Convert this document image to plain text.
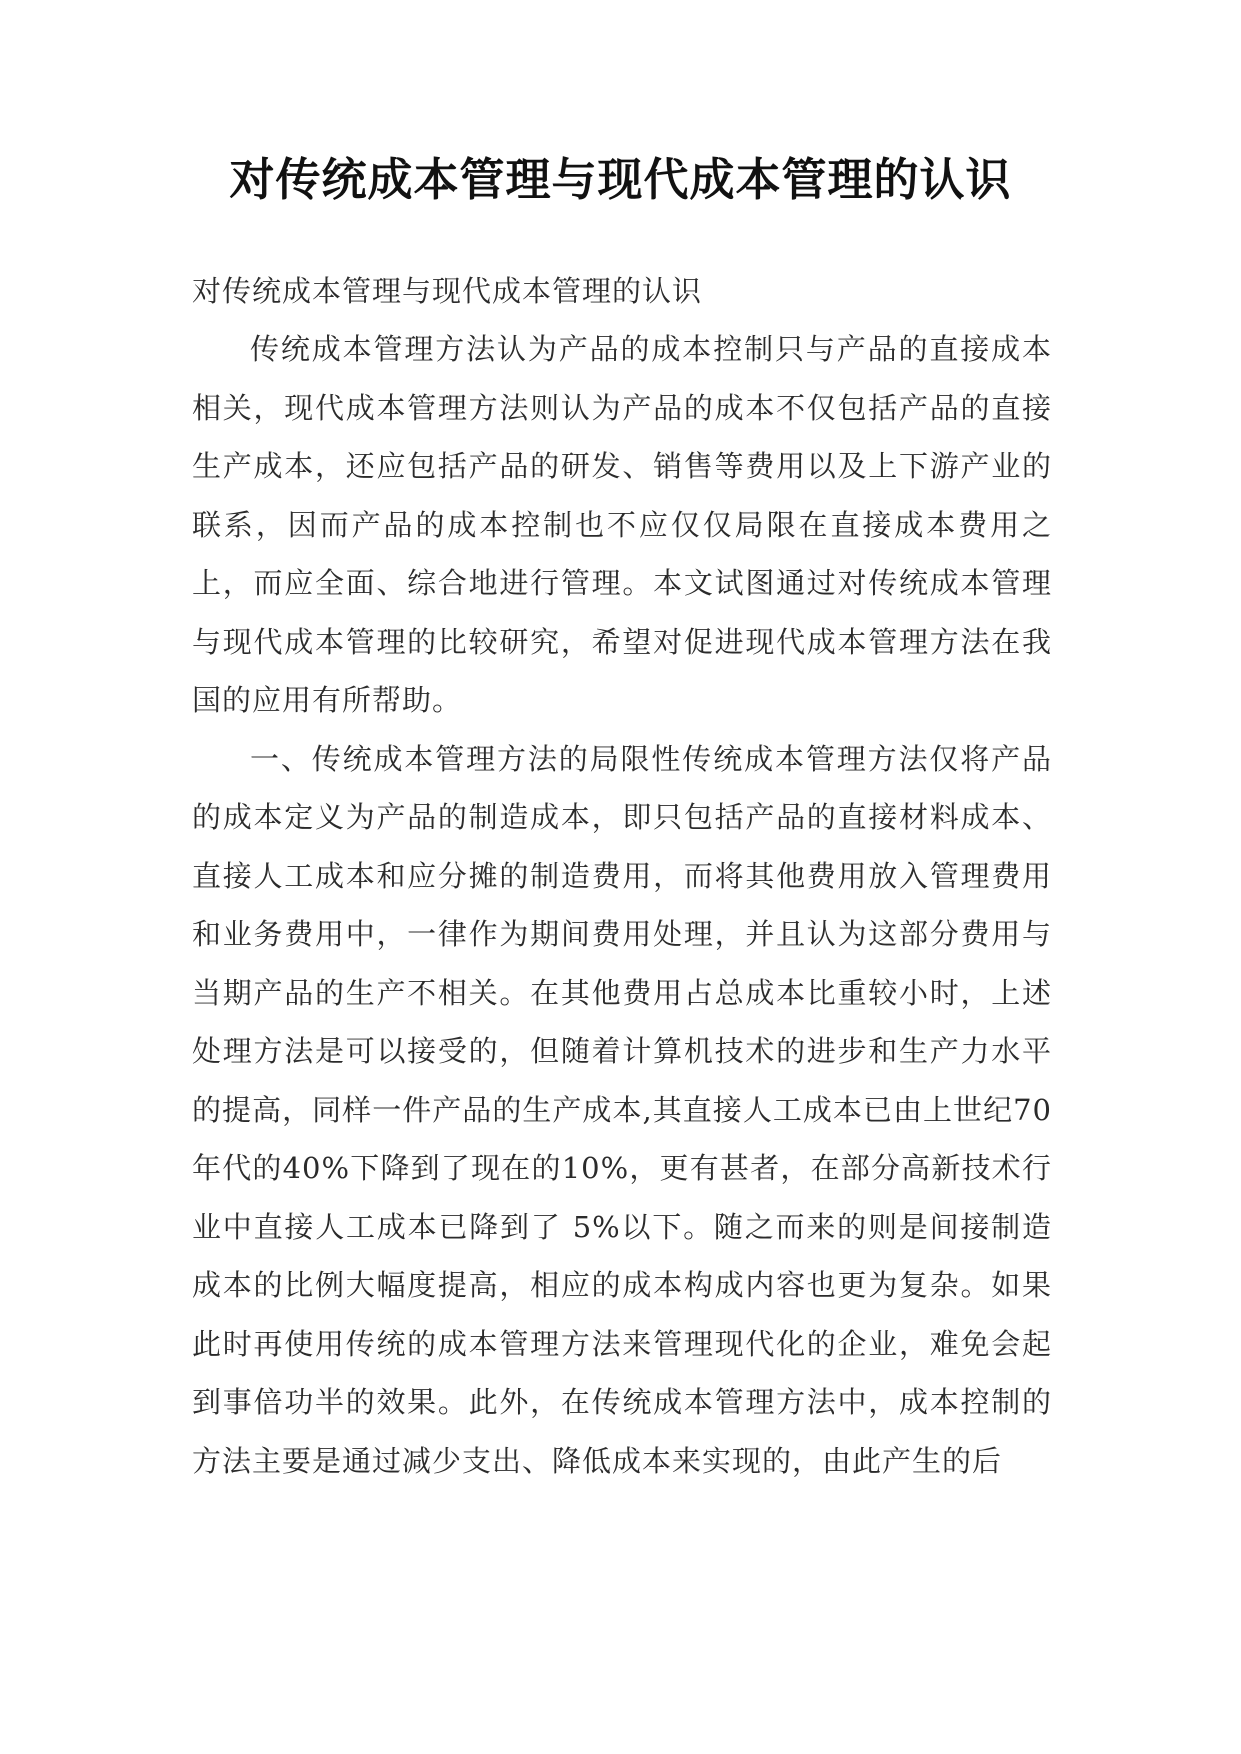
对传统成本管理与现代成本管理的认识

对传统成本管理与现代成本管理的认识

传统成本管理方法认为产品的成本控制只与产品的直接成本相关，现代成本管理方法则认为产品的成本不仅包括产品的直接生产成本，还应包括产品的研发、销售等费用以及上下游产业的联系，因而产品的成本控制也不应仅仅局限在直接成本费用之上，而应全面、综合地进行管理。本文试图通过对传统成本管理与现代成本管理的比较研究，希望对促进现代成本管理方法在我国的应用有所帮助。

一、传统成本管理方法的局限性传统成本管理方法仅将产品的成本定义为产品的制造成本，即只包括产品的直接材料成本、直接人工成本和应分摊的制造费用，而将其他费用放入管理费用和业务费用中，一律作为期间费用处理，并且认为这部分费用与当期产品的生产不相关。在其他费用占总成本比重较小时，上述处理方法是可以接受的，但随着计算机技术的进步和生产力水平的提高，同样一件产品的生产成本,其直接人工成本已由上世纪70年代的40%下降到了现在的10%，更有甚者，在部分高新技术行业中直接人工成本已降到了 5%以下。随之而来的则是间接制造成本的比例大幅度提高，相应的成本构成内容也更为复杂。如果此时再使用传统的成本管理方法来管理现代化的企业，难免会起到事倍功半的效果。此外，在传统成本管理方法中，成本控制的方法主要是通过减少支出、降低成本来实现的，由此产生的后
